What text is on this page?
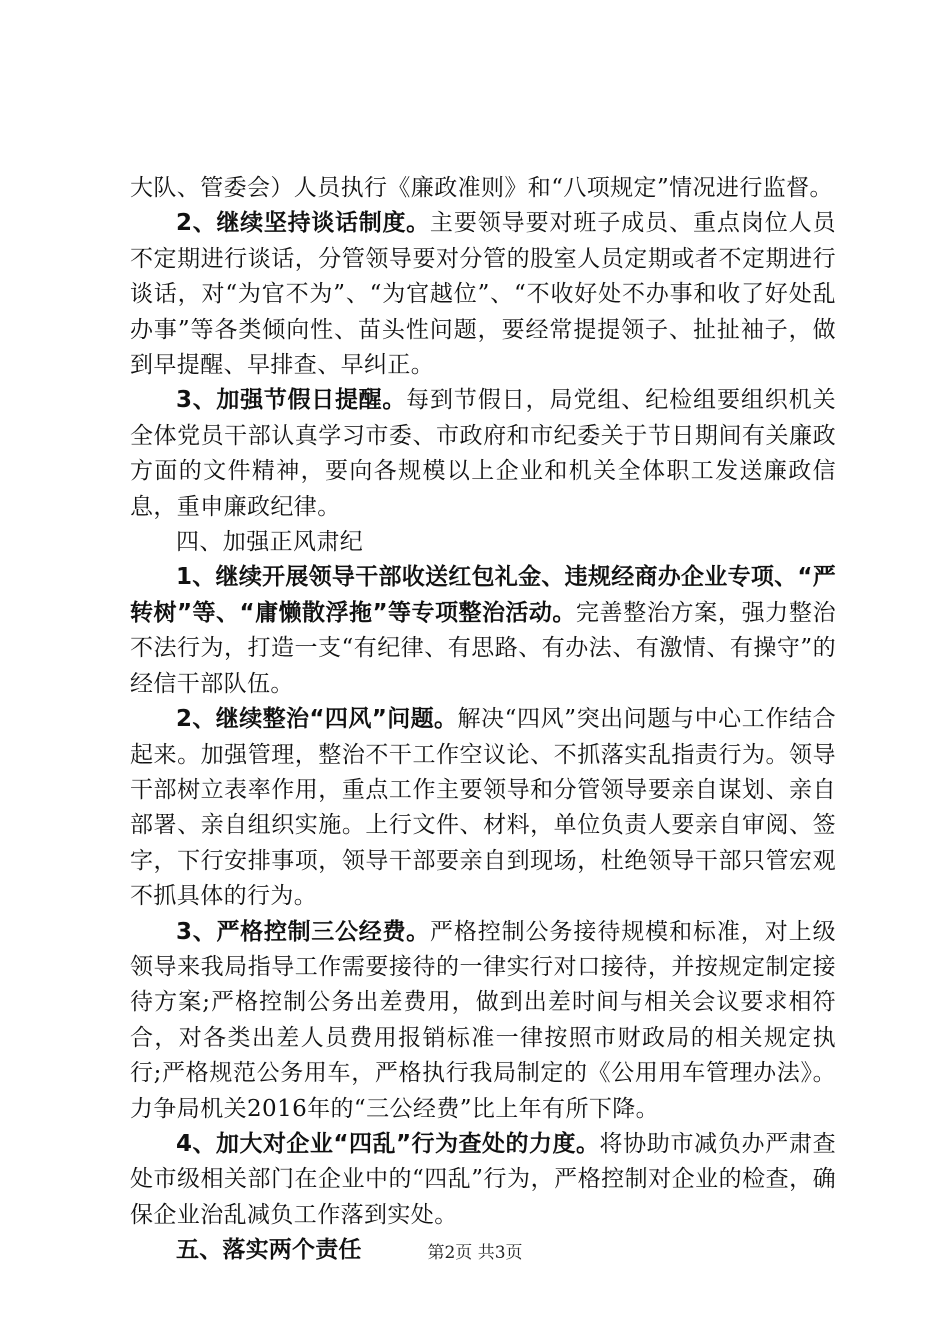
大队、管委会）人员执行《廉政准则》和“八项规定”情况进行监督。

2、继续坚持谈话制度。主要领导要对班子成员、重点岗位人员不定期进行谈话，分管领导要对分管的股室人员定期或者不定期进行谈话，对“为官不为”、“为官越位”、“不收好处不办事和收了好处乱办事”等各类倾向性、苗头性问题，要经常提提领子、扯扯袖子，做到早提醒、早排查、早纠正。

3、加强节假日提醒。每到节假日，局党组、纪检组要组织机关全体党员干部认真学习市委、市政府和市纪委关于节日期间有关廉政方面的文件精神，要向各规模以上企业和机关全体职工发送廉政信息，重申廉政纪律。

四、加强正风肃纪

1、继续开展领导干部收送红包礼金、违规经商办企业专项、“严转树”等、“庸懒散浮拖”等专项整治活动。完善整治方案，强力整治不法行为，打造一支“有纪律、有思路、有办法、有激情、有操守”的经信干部队伍。

2、继续整治“四风”问题。解决“四风”突出问题与中心工作结合起来。加强管理，整治不干工作空议论、不抓落实乱指责行为。领导干部树立表率作用，重点工作主要领导和分管领导要亲自谋划、亲自部署、亲自组织实施。上行文件、材料，单位负责人要亲自审阅、签字，下行安排事项，领导干部要亲自到现场，杜绝领导干部只管宏观不抓具体的行为。

3、严格控制三公经费。严格控制公务接待规模和标准，对上级领导来我局指导工作需要接待的一律实行对口接待，并按规定制定接待方案;严格控制公务出差费用，做到出差时间与相关会议要求相符合，对各类出差人员费用报销标准一律按照市财政局的相关规定执行;严格规范公务用车，严格执行我局制定的《公用用车管理办法》。力争局机关2016年的“三公经费”比上年有所下降。

4、加大对企业“四乱”行为查处的力度。将协助市减负办严肃查处市级相关部门在企业中的“四乱”行为，严格控制对企业的检查，确保企业治乱减负工作落到实处。

五、落实两个责任	第2页 共3页
